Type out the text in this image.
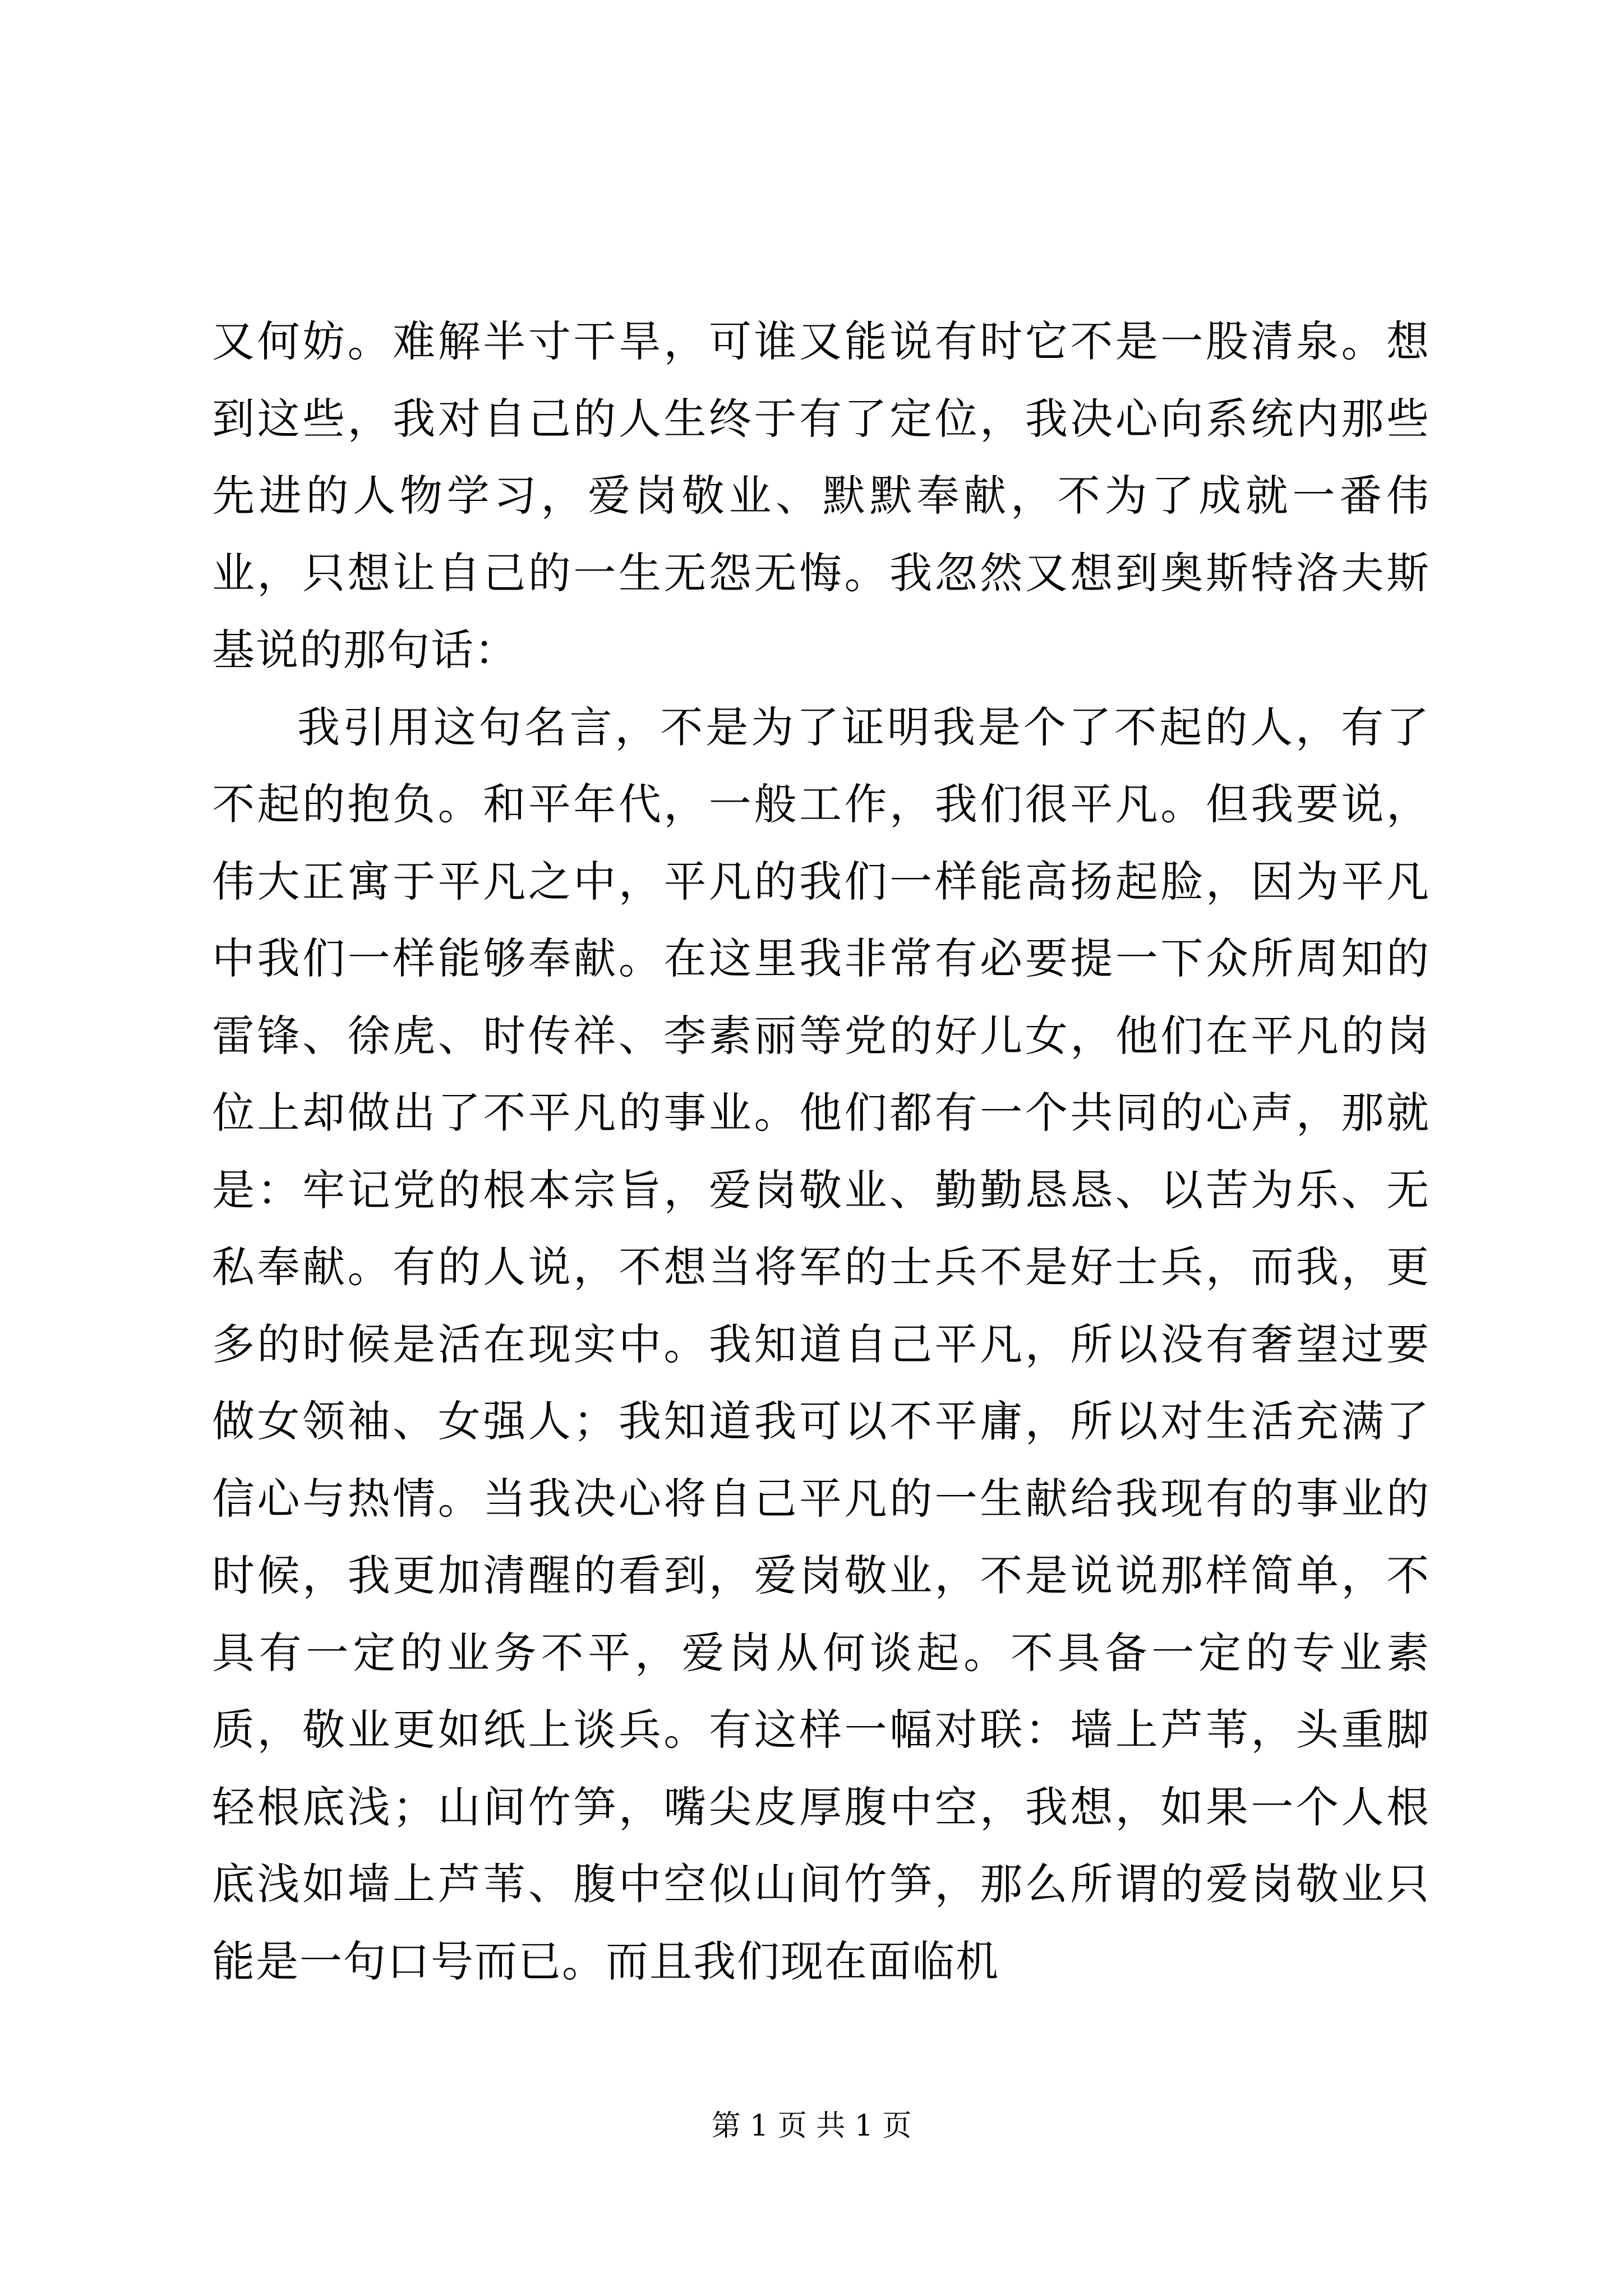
又何妨。难解半寸干旱，可谁又能说有时它不是一股清泉。想到这些，我对自己的人生终于有了定位，我决心向系统内那些先进的人物学习，爱岗敬业、默默奉献，不为了成就一番伟业，只想让自己的一生无怨无悔。我忽然又想到奥斯特洛夫斯基说的那句话：

我引用这句名言，不是为了证明我是个了不起的人，有了不起的抱负。和平年代，一般工作，我们很平凡。但我要说，伟大正寓于平凡之中，平凡的我们一样能高扬起脸，因为平凡中我们一样能够奉献。在这里我非常有必要提一下众所周知的雷锋、徐虎、时传祥、李素丽等党的好儿女，他们在平凡的岗位上却做出了不平凡的事业。他们都有一个共同的心声，那就是：牢记党的根本宗旨，爱岗敬业、勤勤恳恳、以苦为乐、无私奉献。有的人说，不想当将军的士兵不是好士兵，而我，更多的时候是活在现实中。我知道自己平凡，所以没有奢望过要做女领袖、女强人；我知道我可以不平庸，所以对生活充满了信心与热情。当我决心将自己平凡的一生献给我现有的事业的时候，我更加清醒的看到，爱岗敬业，不是说说那样简单，不具有一定的业务不平，爱岗从何谈起。不具备一定的专业素质，敬业更如纸上谈兵。有这样一幅对联：墙上芦苇，头重脚轻根底浅；山间竹笋，嘴尖皮厚腹中空，我想，如果一个人根底浅如墙上芦苇、腹中空似山间竹笋，那么所谓的爱岗敬业只能是一句口号而已。而且我们现在面临机

第 1 页 共 1 页
